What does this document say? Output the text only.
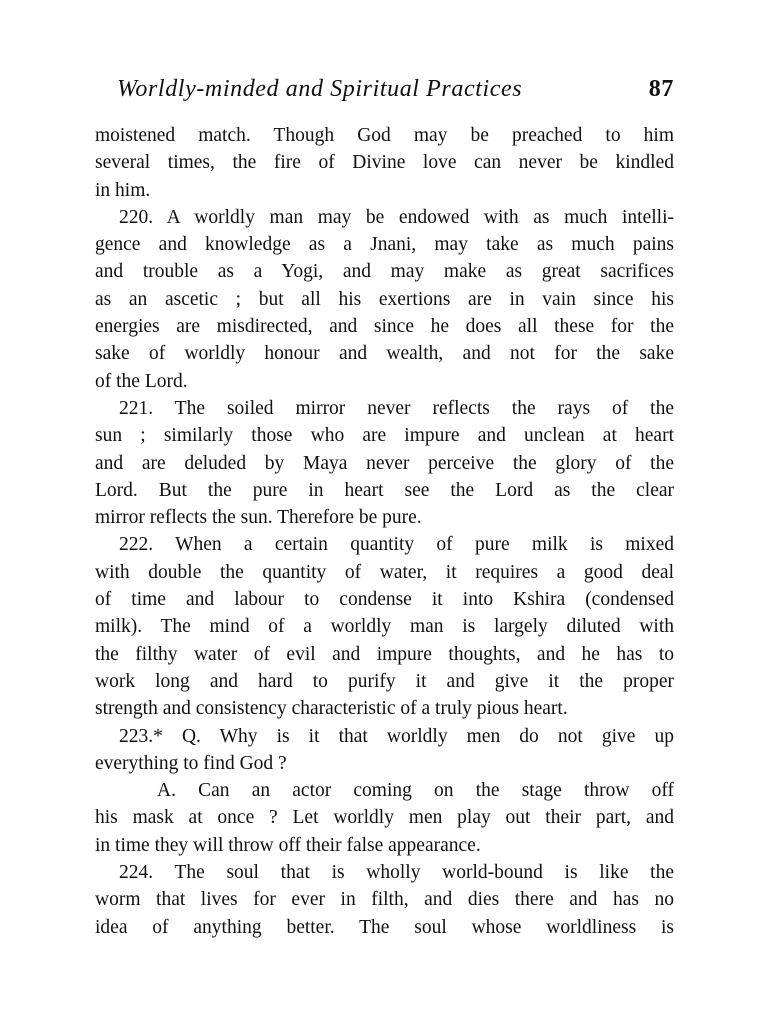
Worldly-minded and Spiritual Practices	87
moistened match. Though God may be preached to him
several times, the fire of Divine love can never be kindled
in him.
220. A worldly man may be endowed with as much intelli-
gence and knowledge as a Jnani, may take as much pains
and trouble as a Yogi, and may make as great sacrifices
as an ascetic ; but all his exertions are in vain since his
energies are misdirected, and since he does all these for the
sake of worldly honour and wealth, and not for the sake
of the Lord.
221. The soiled mirror never reflects the rays of the
sun ; similarly those who are impure and unclean at heart
and are deluded by Maya never perceive the glory of the
Lord. But the pure in heart see the Lord as the clear
mirror reflects the sun. Therefore be pure.
222. When a certain quantity of pure milk is mixed
with double the quantity of water, it requires a good deal
of time and labour to condense it into Kshira (condensed
milk). The mind of a worldly man is largely diluted with
the filthy water of evil and impure thoughts, and he has to
work long and hard to purify it and give it the proper
strength and consistency characteristic of a truly pious heart.
223.* Q. Why is it that worldly men do not give up
everything to find God ?
A. Can an actor coming on the stage throw off
his mask at once ? Let worldly men play out their part, and
in time they will throw off their false appearance.
224. The soul that is wholly world-bound is like the
worm that lives for ever in filth, and dies there and has no
idea of anything better. The soul whose worldliness is
